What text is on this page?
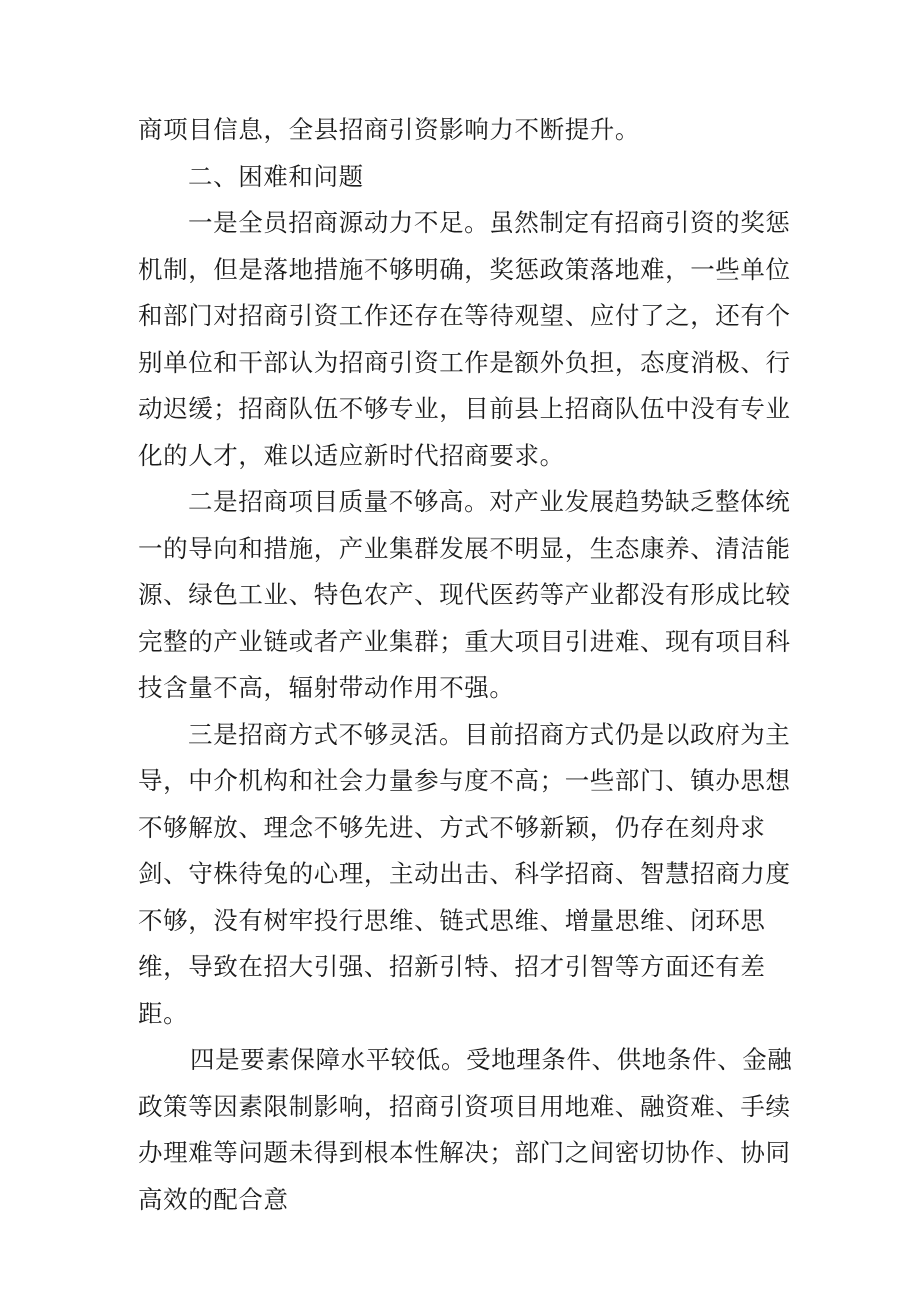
商项目信息，全县招商引资影响力不断提升。

二、困难和问题

一是全员招商源动力不足。虽然制定有招商引资的奖惩机制，但是落地措施不够明确，奖惩政策落地难，一些单位和部门对招商引资工作还存在等待观望、应付了之，还有个别单位和干部认为招商引资工作是额外负担，态度消极、行动迟缓；招商队伍不够专业，目前县上招商队伍中没有专业化的人才，难以适应新时代招商要求。

二是招商项目质量不够高。对产业发展趋势缺乏整体统一的导向和措施，产业集群发展不明显，生态康养、清洁能源、绿色工业、特色农产、现代医药等产业都没有形成比较完整的产业链或者产业集群；重大项目引进难、现有项目科技含量不高，辐射带动作用不强。

三是招商方式不够灵活。目前招商方式仍是以政府为主导，中介机构和社会力量参与度不高；一些部门、镇办思想不够解放、理念不够先进、方式不够新颖，仍存在刻舟求剑、守株待兔的心理，主动出击、科学招商、智慧招商力度不够，没有树牢投行思维、链式思维、增量思维、闭环思维，导致在招大引强、招新引特、招才引智等方面还有差距。

四是要素保障水平较低。受地理条件、供地条件、金融政策等因素限制影响，招商引资项目用地难、融资难、手续办理难等问题未得到根本性解决；部门之间密切协作、协同高效的配合意
